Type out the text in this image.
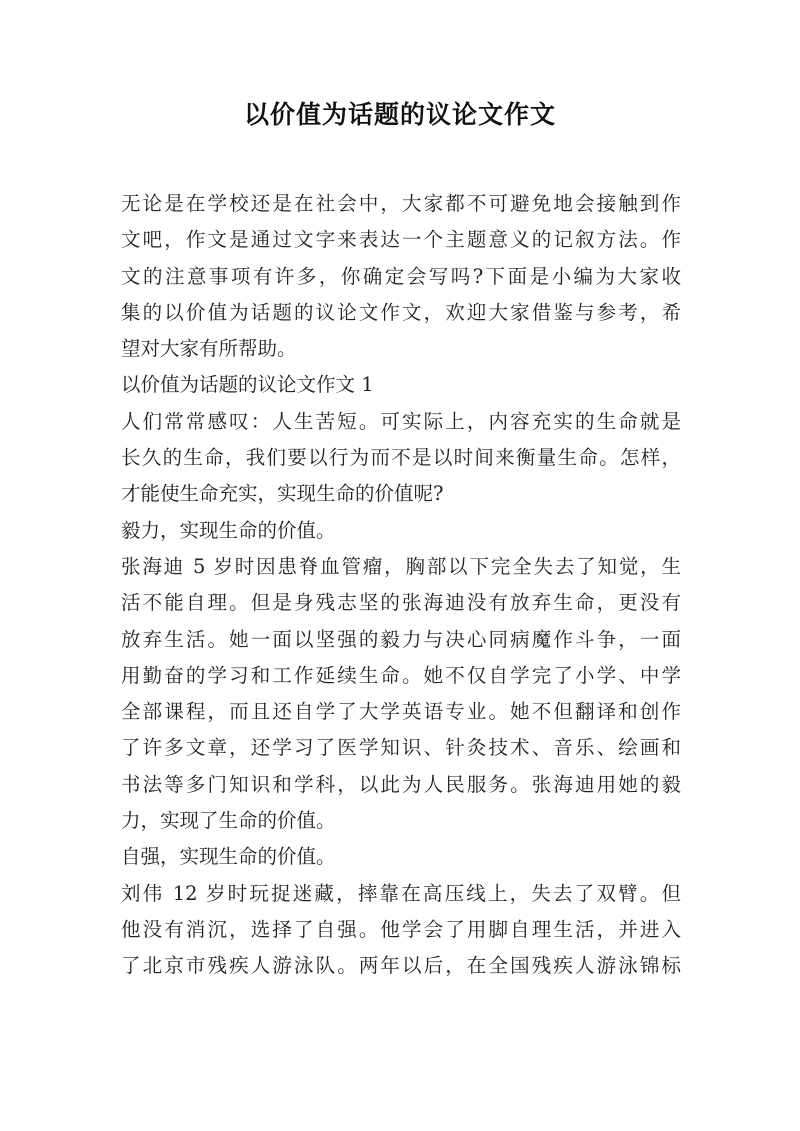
以价值为话题的议论文作文
无论是在学校还是在社会中，大家都不可避免地会接触到作
文吧，作文是通过文字来表达一个主题意义的记叙方法。作
文的注意事项有许多，你确定会写吗?下面是小编为大家收
集的以价值为话题的议论文作文，欢迎大家借鉴与参考，希
望对大家有所帮助。
以价值为话题的议论文作文 1
人们常常感叹：人生苦短。可实际上，内容充实的生命就是
长久的生命，我们要以行为而不是以时间来衡量生命。怎样，
才能使生命充实，实现生命的价值呢?
毅力，实现生命的价值。
张海迪 5 岁时因患脊血管瘤，胸部以下完全失去了知觉，生
活不能自理。但是身残志坚的张海迪没有放弃生命，更没有
放弃生活。她一面以坚强的毅力与决心同病魔作斗争，一面
用勤奋的学习和工作延续生命。她不仅自学完了小学、中学
全部课程，而且还自学了大学英语专业。她不但翻译和创作
了许多文章，还学习了医学知识、针灸技术、音乐、绘画和
书法等多门知识和学科，以此为人民服务。张海迪用她的毅
力，实现了生命的价值。
自强，实现生命的价值。
刘伟 12 岁时玩捉迷藏，摔靠在高压线上，失去了双臂。但
他没有消沉，选择了自强。他学会了用脚自理生活，并进入
了北京市残疾人游泳队。两年以后，在全国残疾人游泳锦标
